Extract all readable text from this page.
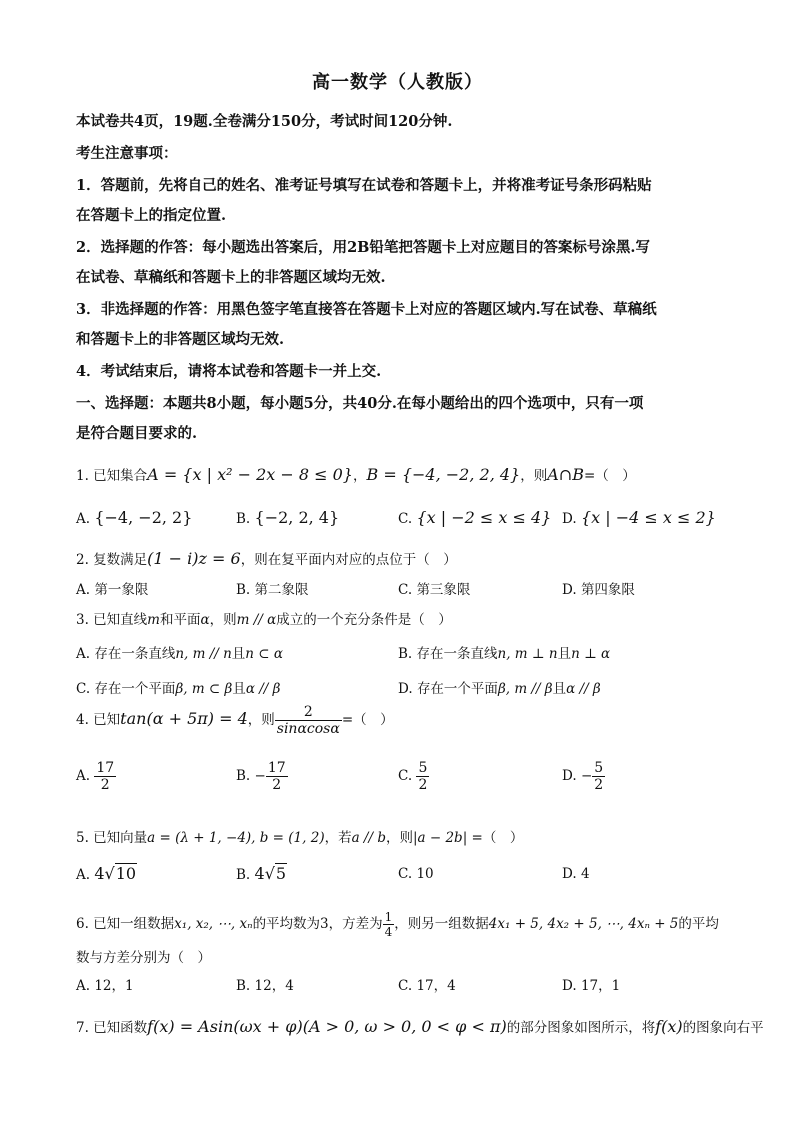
高一数学（人教版）
本试卷共4页，19题.全卷满分150分，考试时间120分钟.
考生注意事项：
1．答题前，先将自己的姓名、准考证号填写在试卷和答题卡上，并将准考证号条形码粘贴
在答题卡上的指定位置.
2．选择题的作答：每小题选出答案后，用2B铅笔把答题卡上对应题目的答案标号涂黑.写
在试卷、草稿纸和答题卡上的非答题区域均无效.
3．非选择题的作答：用黑色签字笔直接答在答题卡上对应的答题区域内.写在试卷、草稿纸
和答题卡上的非答题区域均无效.
4．考试结束后，请将本试卷和答题卡一并上交.
一、选择题：本题共8小题，每小题5分，共40分.在每小题给出的四个选项中，只有一项
是符合题目要求的.
1. 已知集合A = {x | x² − 2x − 8 ≤ 0}，B = {−4, −2, 2, 4}，则A∩B=（　）
A. {−4, −2, 2}	B. {−2, 2, 4}	C. {x | −2 ≤ x ≤ 4} D. {x | −4 ≤ x ≤ 2}
2. 复数满足(1 − i)z = 6，则在复平面内对应的点位于（　）
A. 第一象限	B. 第二象限	C. 第三象限	D. 第四象限
3. 已知直线m和平面α，则m // α成立的一个充分条件是（　）
A. 存在一条直线n, m // n且n ⊂ α	B. 存在一条直线n, m ⊥ n且n ⊥ α
C. 存在一个平面β, m ⊂ β且α // β	D. 存在一个平面β, m // β且α // β
4. 已知tan(α + 5π) = 4，则 $\frac{2}{\sin\alpha\cos\alpha}$ =（　）
A. $\frac{17}{2}$	B. − $\frac{17}{2}$	C. $\frac{5}{2}$	D. − $\frac{5}{2}$
5. 已知向量a = (λ + 1, −4), b = (1, 2)，若a // b，则|a − 2b| =（　）
A. 4√10	B. 4√5	C. 10	D. 4
6. 已知一组数据x₁, x₂, ⋯, xₙ的平均数为3，方差为 $\frac{1}{4}$ ，则另一组数据4x₁ + 5, 4x₂ + 5, ⋯, 4xₙ + 5的平均
数与方差分别为（　）
A. 12，1	B. 12，4	C. 17，4	D. 17，1
7. 已知函数f(x) = Asin(ωx + φ)(A > 0, ω > 0, 0 < φ < π)的部分图象如图所示，将f(x)的图象向右平
